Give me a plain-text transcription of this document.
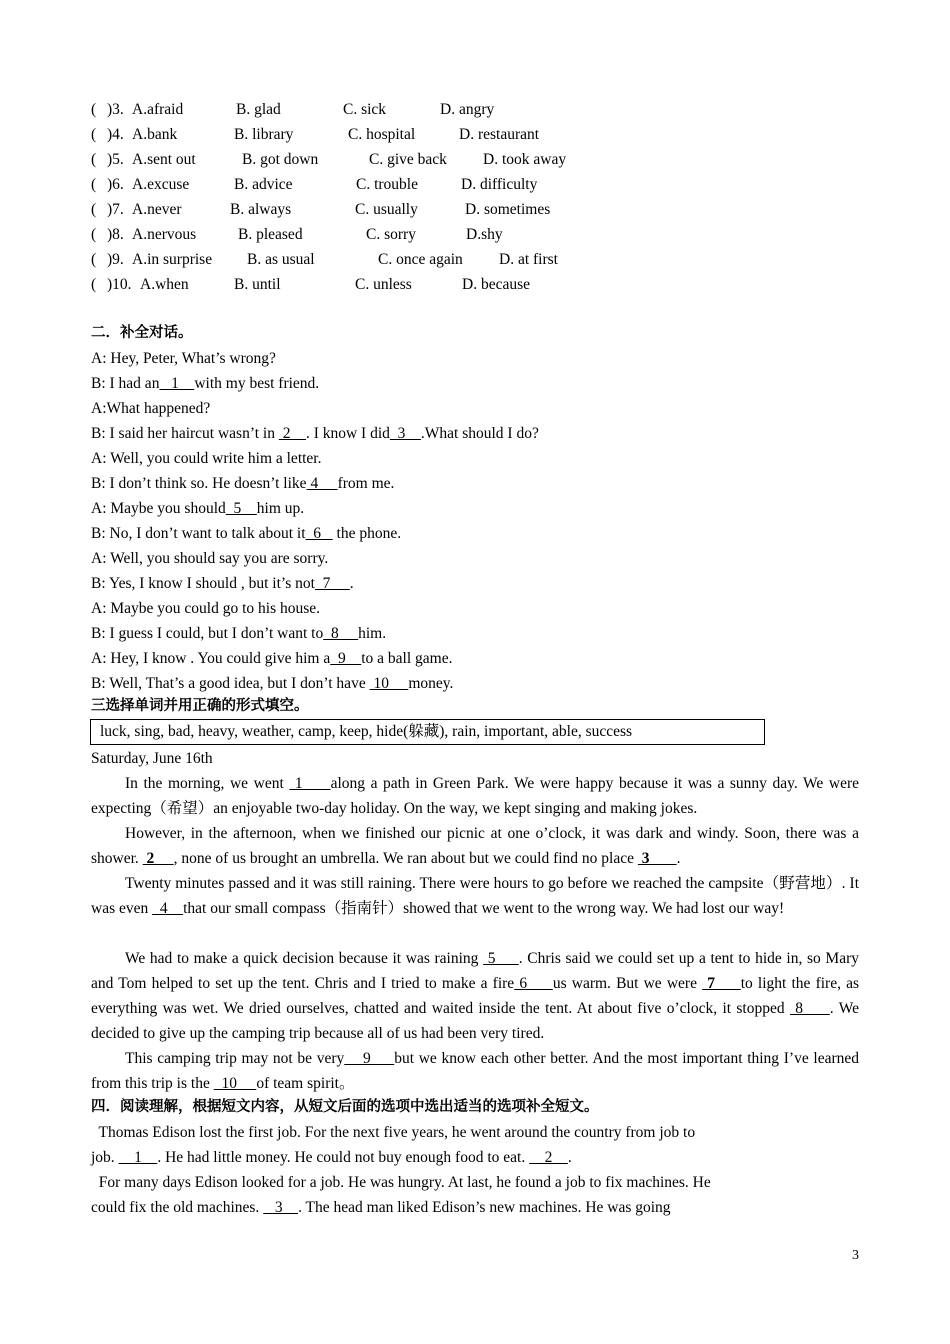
( )3. A.afraid	B. glad	C. sick	D. angry
( )4. A.bank	B. library	C. hospital	D. restaurant
( )5. A.sent out	B. got down	C. give back D. took away
( )6. A.excuse	B. advice	C. trouble	D. difficulty
( )7. A.never	B. always	C. usually	D. sometimes
( )8. A.nervous	B. pleased	C. sorry	D.shy
( )9. A.in surprise B. as usual	C. once again D. at first
( )10. A.when	B. until	C. unless	D. because
二．补全对话。
A: Hey, Peter, What’s wrong?
B: I had an   1    with my best friend.
A:What happened?
B: I said her haircut wasn’t in  2    . I know I did  3    .What should I do?
A: Well, you could write him a letter.
B: I don’t think so. He doesn’t like 4     from me.
A: Maybe you should  5    him up.
B: No, I don’t want to talk about it  6    the phone.
A: Well, you should say you are sorry.
B: Yes, I know I should , but it’s not  7     .
A: Maybe you could go to his house.
B: I guess I could, but I don’t want to  8     him.
A: Hey, I know . You could give him a  9    to a ball game.
B: Well, That’s a good idea, but I don’t have  10     money.
三选择单词并用正确的形式填空。
luck, sing, bad, heavy, weather, camp, keep, hide(躲藏), rain, important, able, success
Saturday, June 16th
In the morning, we went  1     along a path in Green Park. We were happy because it was a sunny day. We were expecting（希望）an enjoyable two-day holiday. On the way, we kept singing and making jokes.
However, in the afternoon, when we finished our picnic at one o’clock, it was dark and windy. Soon, there was a shower.  2     , none of us brought an umbrella. We ran about but we could find no place  3       .
Twenty minutes passed and it was still raining. There were hours to go before we reached the campsite（野营地）. It was even   4    that our small compass（指南针）showed that we went to the wrong way. We had lost our way!
We had to make a quick decision because it was raining  5     . Chris said we could set up a tent to hide in, so Mary and Tom helped to set up the tent. Chris and I tried to make a fire 6     us warm. But we were  7     to light the fire, as everything was wet. We dried ourselves, chatted and waited inside the tent. At about five o’clock, it stopped  8     . We decided to give up the camping trip because all of us had been very tired.
This camping trip may not be very    9     but we know each other better. And the most important thing I’ve learned from this trip is the   10     of team spirit。
四．阅读理解，根据短文内容，从短文后面的选项中选出适当的选项补全短文。
Thomas Edison lost the first job. For the next five years, he went around the country from job to
job.     1    . He had little money. He could not buy enough food to eat.     2    .
For many days Edison looked for a job. He was hungry. At last, he found a job to fix machines. He
could fix the old machines.    3    . The head man liked Edison’s new machines. He was going
3
